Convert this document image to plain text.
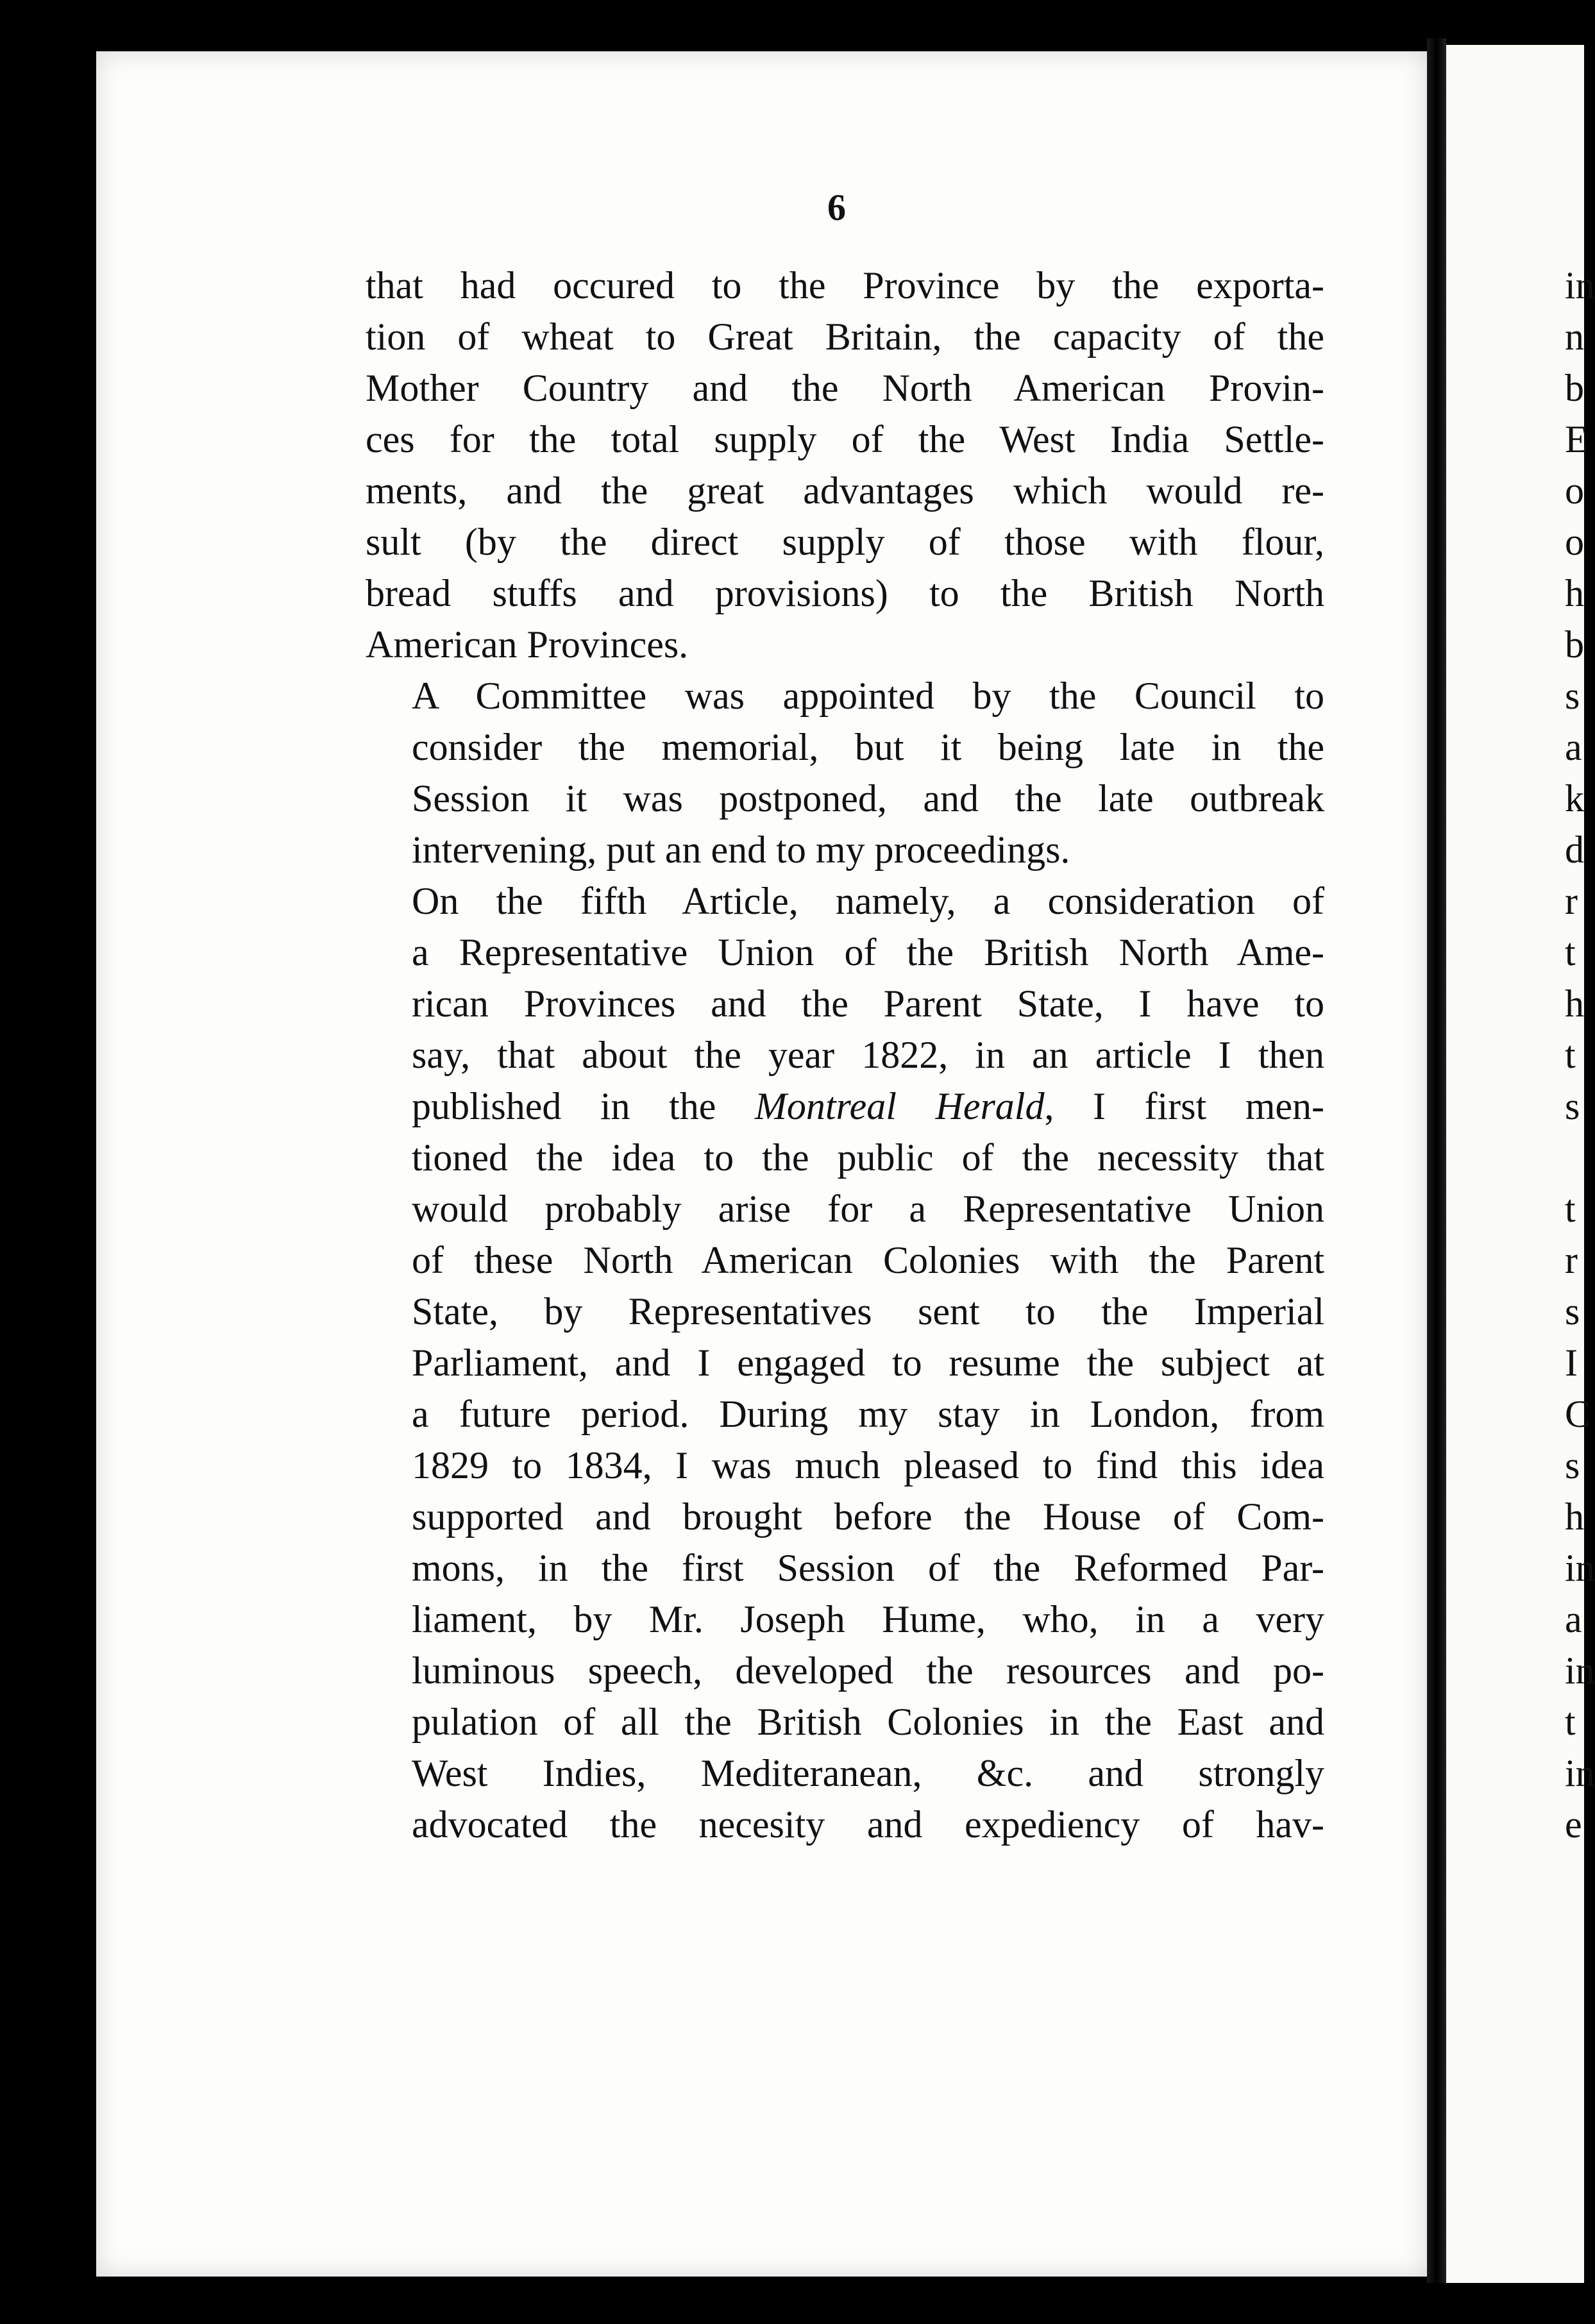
6

that had occured to the Province by the exporta-
tion of wheat to Great Britain, the capacity of the
Mother Country and the North American Provin-
ces for the total supply of the West India Settle-
ments, and the great advantages which would re-
sult (by the direct supply of those with flour,
bread stuffs and provisions) to the British North
American Provinces.

A Committee was appointed by the Council to
consider the memorial, but it being late in the
Session it was postponed, and the late outbreak
intervening, put an end to my proceedings.

On the fifth Article, namely, a consideration of
a Representative Union of the British North Ame-
rican Provinces and the Parent State, I have to
say, that about the year 1822, in an article I then
published in the Montreal Herald, I first men-
tioned the idea to the public of the necessity that
would probably arise for a Representative Union
of these North American Colonies with the Parent
State, by Representatives sent to the Imperial
Parliament, and I engaged to resume the subject at
a future period. During my stay in London, from
1829 to 1834, I was much pleased to find this idea
supported and brought before the House of Com-
mons, in the first Session of the Reformed Par-
liament, by Mr. Joseph Hume, who, in a very
luminous speech, developed the resources and po-
pulation of all the British Colonies in the East and
West Indies, Mediteranean, &c. and strongly
advocated the necesity and expediency of hav-

in
n
b
E
o
o
h
b
s
a
k
d
r
t
h
t
s
t
r
s
I
C
s
h
in
a
in
t
in
e
